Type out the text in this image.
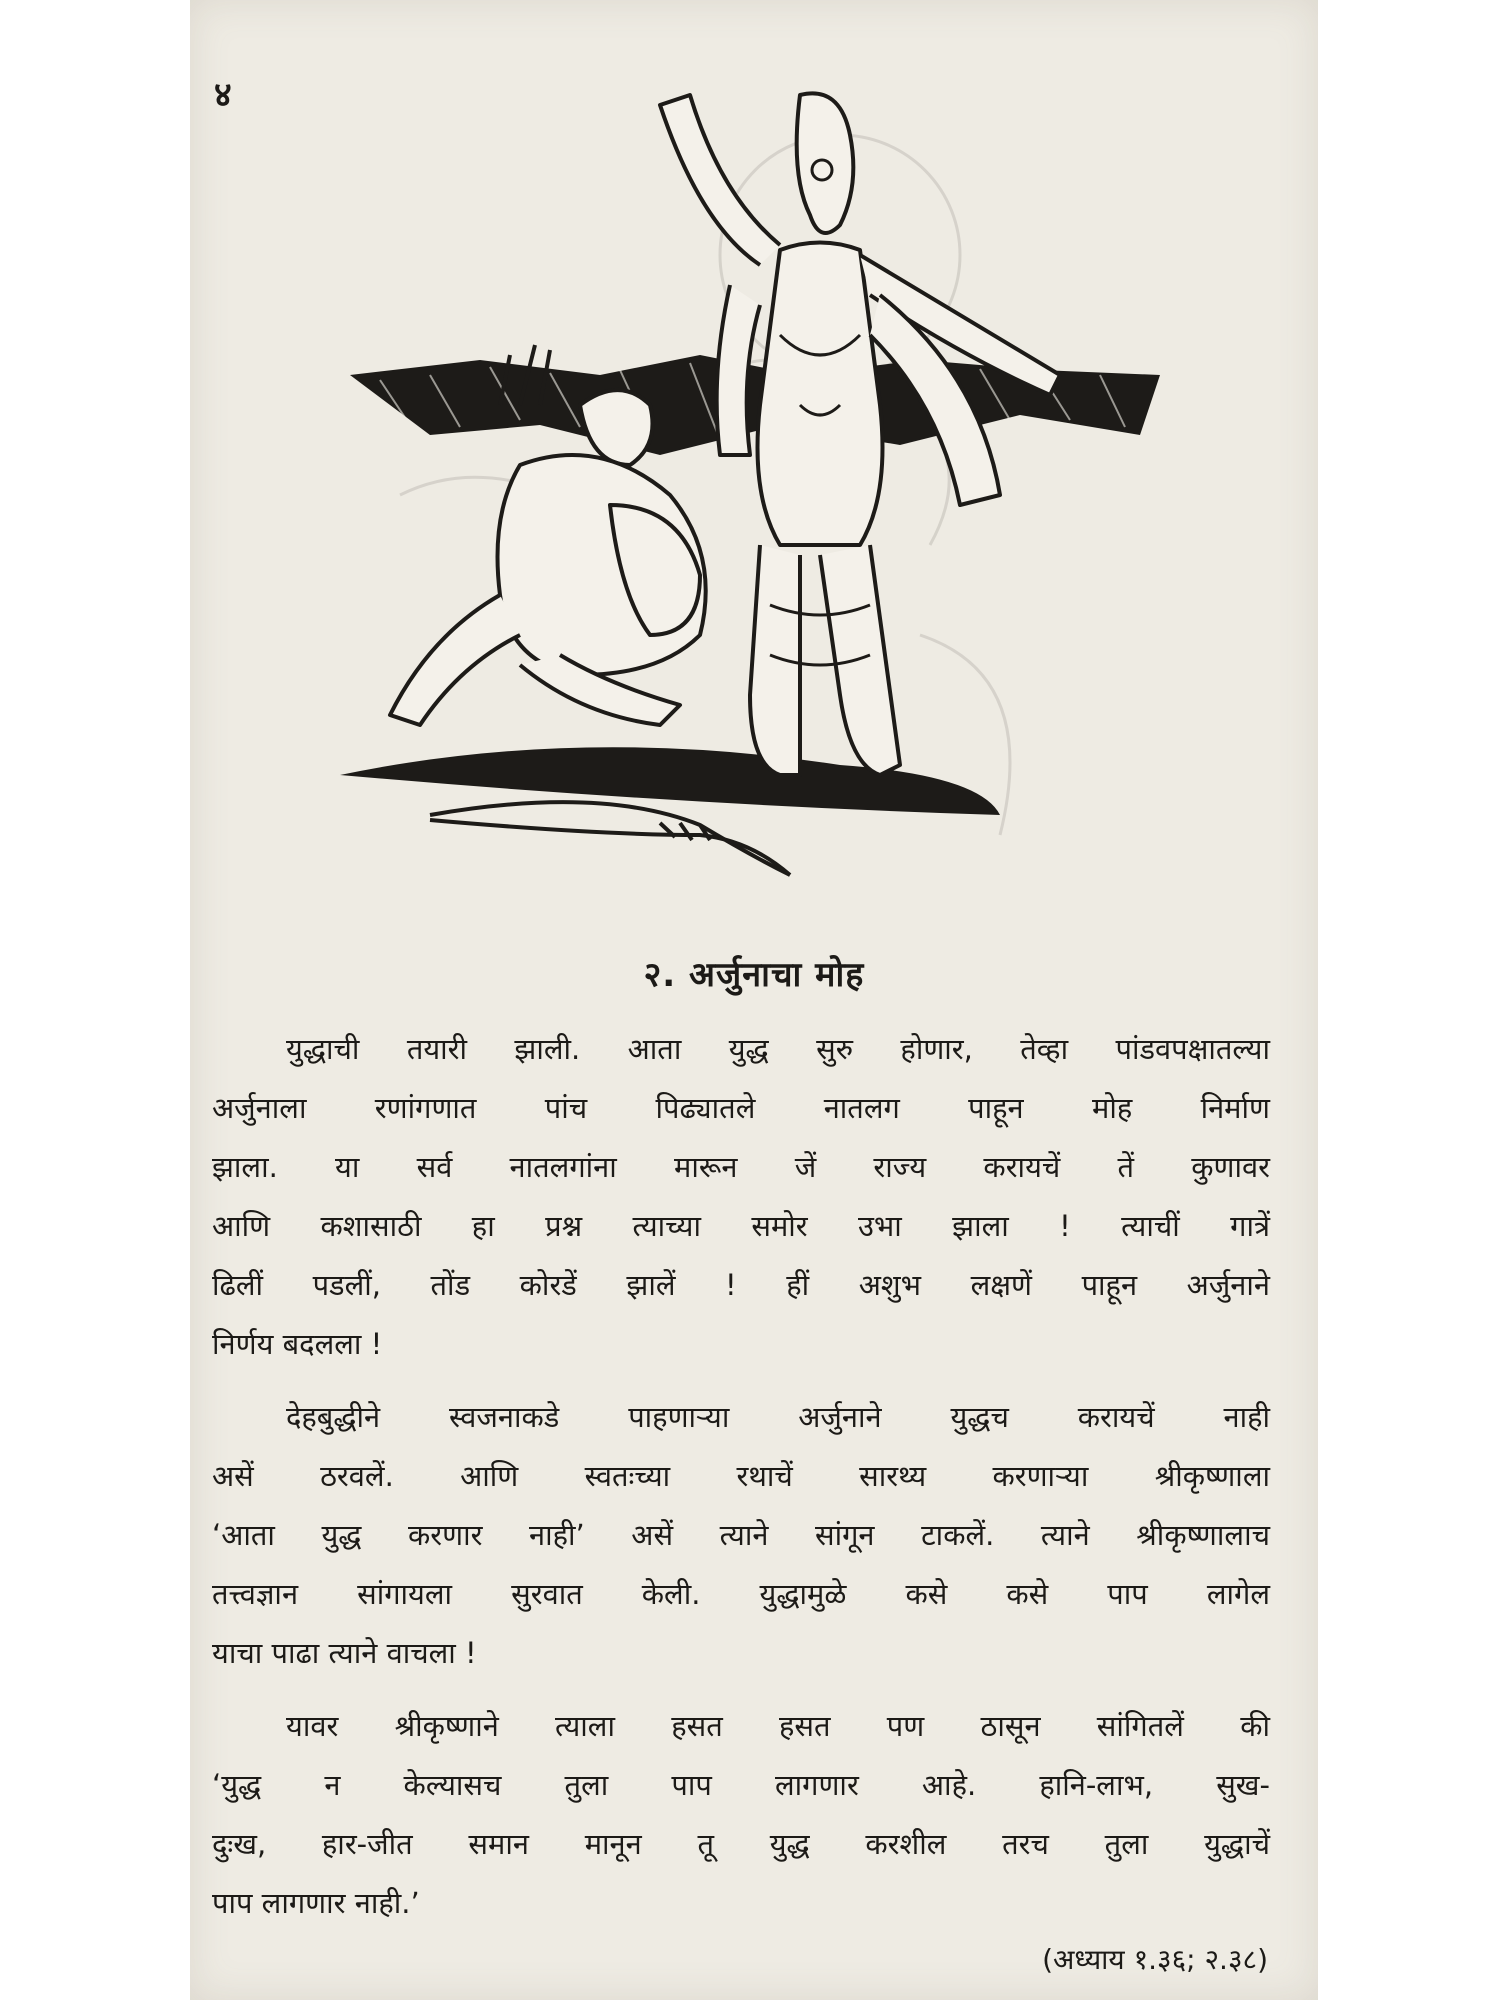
४
२. अर्जुनाचा मोह
युद्धाची तयारी झाली. आता युद्ध सुरु होणार, तेव्हा पांडवपक्षातल्या
अर्जुनाला रणांगणात पांच पिढ्यातले नातलग पाहून मोह निर्माण
झाला. या सर्व नातलगांना मारून जें राज्य करायचें तें कुणावर
आणि कशासाठी हा प्रश्न त्याच्या समोर उभा झाला ! त्याचीं गात्रें
ढिलीं पडलीं, तोंड कोरडें झालें ! हीं अशुभ लक्षणें पाहून अर्जुनाने
निर्णय बदलला !
देहबुद्धीने स्वजनाकडे पाहणाऱ्या अर्जुनाने युद्धच करायचें नाही
असें ठरवलें. आणि स्वतःच्या रथाचें सारथ्य करणाऱ्या श्रीकृष्णाला
‘आता युद्ध करणार नाही’ असें त्याने सांगून टाकलें. त्याने श्रीकृष्णालाच
तत्त्वज्ञान सांगायला सुरवात केली. युद्धामुळे कसे कसे पाप लागेल
याचा पाढा त्याने वाचला !
यावर श्रीकृष्णाने त्याला हसत हसत पण ठासून सांगितलें की
‘युद्ध न केल्यासच तुला पाप लागणार आहे. हानि-लाभ, सुख-
दुःख, हार-जीत समान मानून तू युद्ध करशील तरच तुला युद्धाचें
पाप लागणार नाही.’
(अध्याय १.३६; २.३८)
